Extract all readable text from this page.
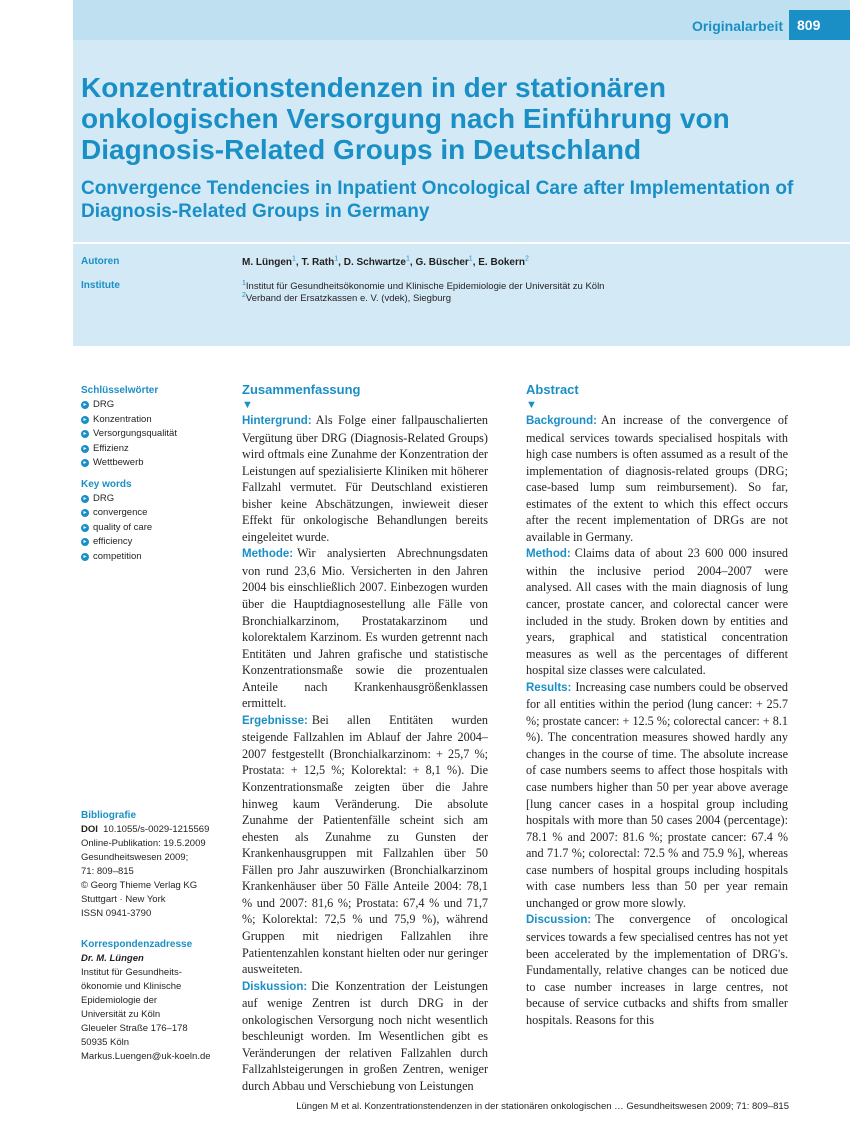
Originalarbeit	809
Konzentrationstendenzen in der stationären onkologischen Versorgung nach Einführung von Diagnosis-Related Groups in Deutschland
Convergence Tendencies in Inpatient Oncological Care after Implementation of Diagnosis-Related Groups in Germany
Autoren	M. Lüngen$^1$, T. Rath$^1$, D. Schwartze$^1$, G. Büscher$^1$, E. Bokern$^2$
Institute	$^1$Institut für Gesundheitsökonomie und Klinische Epidemiologie der Universität zu Köln
$^2$Verband der Ersatzkassen e. V. (vdek), Siegburg
Schlüsselwörter
▸ DRG
▸ Konzentration
▸ Versorgungsqualität
▸ Effizienz
▸ Wettbewerb
Key words
▸ DRG
▸ convergence
▸ quality of care
▸ efficiency
▸ competition
Bibliografie
DOI 10.1055/s-0029-1215569
Online-Publikation: 19.5.2009
Gesundheitswesen 2009;
71: 809–815
© Georg Thieme Verlag KG
Stuttgart · New York
ISSN 0941-3790
Korrespondenzadresse
Dr. M. Lüngen
Institut für Gesundheits-
ökonomie und Klinische
Epidemiologie der
Universität zu Köln
Gleueler Straße 176–178
50935 Köln
Markus.Luengen@uk-koeln.de
Zusammenfassung
▼

Hintergrund: Als Folge einer fallpauschalierten Vergütung über DRG (Diagnosis-Related Groups) wird oftmals eine Zunahme der Konzentration der Leistungen auf spezialisierte Kliniken mit höherer Fallzahl vermutet. Für Deutschland existieren bisher keine Abschätzungen, inwieweit dieser Effekt für onkologische Behandlungen bereits eingeleitet wurde.

Methode: Wir analysierten Abrechnungsdaten von rund 23,6 Mio. Versicherten in den Jahren 2004 bis einschließlich 2007. Einbezogen wurden über die Hauptdiagnosestellung alle Fälle von Bronchialkarzinom, Prostatakarzinom und kolorektalem Karzinom. Es wurden getrennt nach Entitäten und Jahren grafische und statistische Konzentrationsmaße sowie die prozentualen Anteile nach Krankenhausgrößenklassen ermittelt.

Ergebnisse: Bei allen Entitäten wurden steigende Fallzahlen im Ablauf der Jahre 2004–2007 festgestellt (Bronchialkarzinom: + 25,7 %; Prostata: + 12,5 %; Kolorektal: + 8,1 %). Die Konzentrationsmaße zeigten über die Jahre hinweg kaum Veränderung. Die absolute Zunahme der Patientenfälle scheint sich am ehesten als Zunahme zu Gunsten der Krankenhausgruppen mit Fallzahlen über 50 Fällen pro Jahr auszuwirken (Bronchialkarzinom Krankenhäuser über 50 Fälle Anteile 2004: 78,1 % und 2007: 81,6 %; Prostata: 67,4 % und 71,7 %; Kolorektal: 72,5 % und 75,9 %), während Gruppen mit niedrigen Fallzahlen ihre Patientenzahlen konstant hielten oder nur geringer ausweiteten.

Diskussion: Die Konzentration der Leistungen auf wenige Zentren ist durch DRG in der onkologischen Versorgung noch nicht wesentlich beschleunigt worden. Im Wesentlichen gibt es Veränderungen der relativen Fallzahlen durch Fallzahlsteigerungen in großen Zentren, weniger durch Abbau und Verschiebung von Leistungen

Abstract
▼

Background: An increase of the convergence of medical services towards specialised hospitals with high case numbers is often assumed as a result of the implementation of diagnosis-related groups (DRG; case-based lump sum reimbursement). So far, estimates of the extent to which this effect occurs after the recent implementation of DRGs are not available in Germany.

Method: Claims data of about 23 600 000 insured within the inclusive period 2004–2007 were analysed. All cases with the main diagnosis of lung cancer, prostate cancer, and colorectal cancer were included in the study. Broken down by entities and years, graphical and statistical concentration measures as well as the percentages of different hospital size classes were calculated.

Results: Increasing case numbers could be observed for all entities within the period (lung cancer: + 25.7 %; prostate cancer: + 12.5 %; colorectal cancer: + 8.1 %). The concentration measures showed hardly any changes in the course of time. The absolute increase of case numbers seems to affect those hospitals with case numbers higher than 50 per year above average [lung cancer cases in a hospital group including hospitals with more than 50 cases 2004 (percentage): 78.1 % and 2007: 81.6 %; prostate cancer: 67.4 % and 71.7 %; colorectal: 72.5 % and 75.9 %], whereas case numbers of hospital groups including hospitals with case numbers less than 50 per year remain unchanged or grow more slowly.

Discussion: The convergence of oncological services towards a few specialised centres has not yet been accelerated by the implementation of DRG's. Fundamentally, relative changes can be noticed due to case number increases in large centres, not because of service cutbacks and shifts from smaller hospitals. Reasons for this

Lüngen M et al. Konzentrationstendenzen in der stationären onkologischen … Gesundheitswesen 2009; 71: 809–815
